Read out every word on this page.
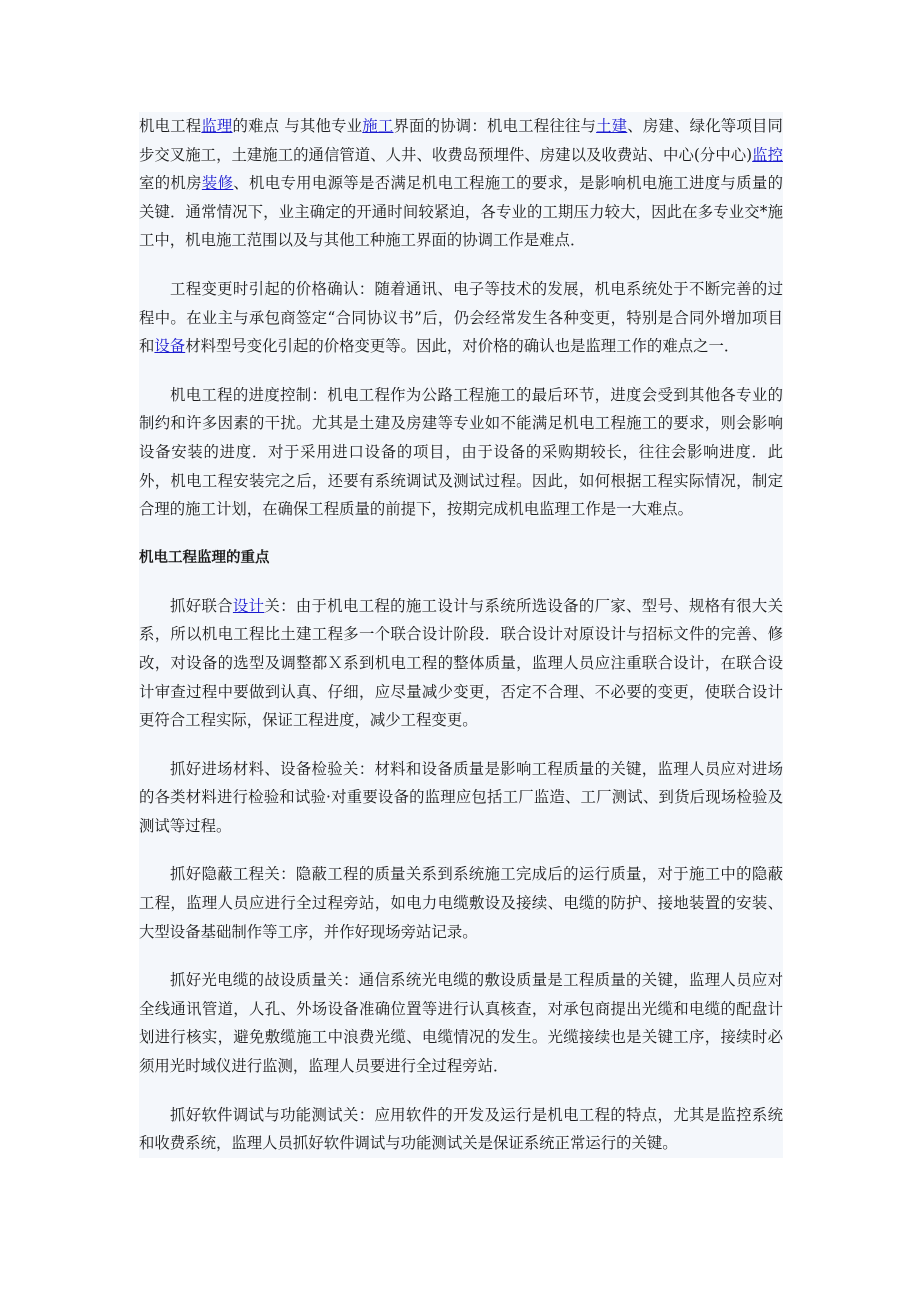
机电工程监理的难点 与其他专业施工界面的协调：机电工程往往与土建、房建、绿化等项目同步交叉施工，土建施工的通信管道、人井、收费岛预埋件、房建以及收费站、中心(分中心)监控室的机房装修、机电专用电源等是否满足机电工程施工的要求，是影响机电施工进度与质量的关键．通常情况下，业主确定的开通时间较紧迫，各专业的工期压力较大，因此在多专业交*施工中，机电施工范围以及与其他工种施工界面的协调工作是难点．

工程变更时引起的价格确认：随着通讯、电子等技术的发展，机电系统处于不断完善的过程中。在业主与承包商签定“合同协议书”后，仍会经常发生各种变更，特别是合同外增加项目和设备材料型号变化引起的价格变更等。因此，对价格的确认也是监理工作的难点之一．

机电工程的进度控制：机电工程作为公路工程施工的最后环节，进度会受到其他各专业的制约和许多因素的干扰。尤其是土建及房建等专业如不能满足机电工程施工的要求，则会影响设备安装的进度．对于采用进口设备的项目，由于设备的采购期较长，往往会影响进度．此外，机电工程安装完之后，还要有系统调试及测试过程。因此，如何根据工程实际情况，制定合理的施工计划，在确保工程质量的前提下，按期完成机电监理工作是一大难点。

机电工程监理的重点

抓好联合设计关：由于机电工程的施工设计与系统所选设备的厂家、型号、规格有很大关系，所以机电工程比土建工程多一个联合设计阶段．联合设计对原设计与招标文件的完善、修改，对设备的选型及调整都Ｘ系到机电工程的整体质量，监理人员应注重联合设计，在联合设计审查过程中要做到认真、仔细，应尽量减少变更，否定不合理、不必要的变更，使联合设计更符合工程实际，保证工程进度，减少工程变更。

抓好进场材料、设备检验关：材料和设备质量是影响工程质量的关键，监理人员应对进场的各类材料进行检验和试验·对重要设备的监理应包括工厂监造、工厂测试、到货后现场检验及测试等过程。

抓好隐蔽工程关：隐蔽工程的质量关系到系统施工完成后的运行质量，对于施工中的隐蔽工程，监理人员应进行全过程旁站，如电力电缆敷设及接续、电缆的防护、接地装置的安装、大型设备基础制作等工序，并作好现场旁站记录。

抓好光电缆的敁设质量关：通信系统光电缆的敷设质量是工程质量的关键，监理人员应对全线通讯管道，人孔、外场设备准确位置等进行认真核查，对承包商提出光缆和电缆的配盘计划进行核实，避免敷缆施工中浪费光缆、电缆情况的发生。光缆接续也是关键工序，接续时必须用光时域仪进行监测，监理人员要进行全过程旁站．

抓好软件调试与功能测试关：应用软件的开发及运行是机电工程的特点，尤其是监控系统和收费系统，监理人员抓好软件调试与功能测试关是保证系统正常运行的关键。
